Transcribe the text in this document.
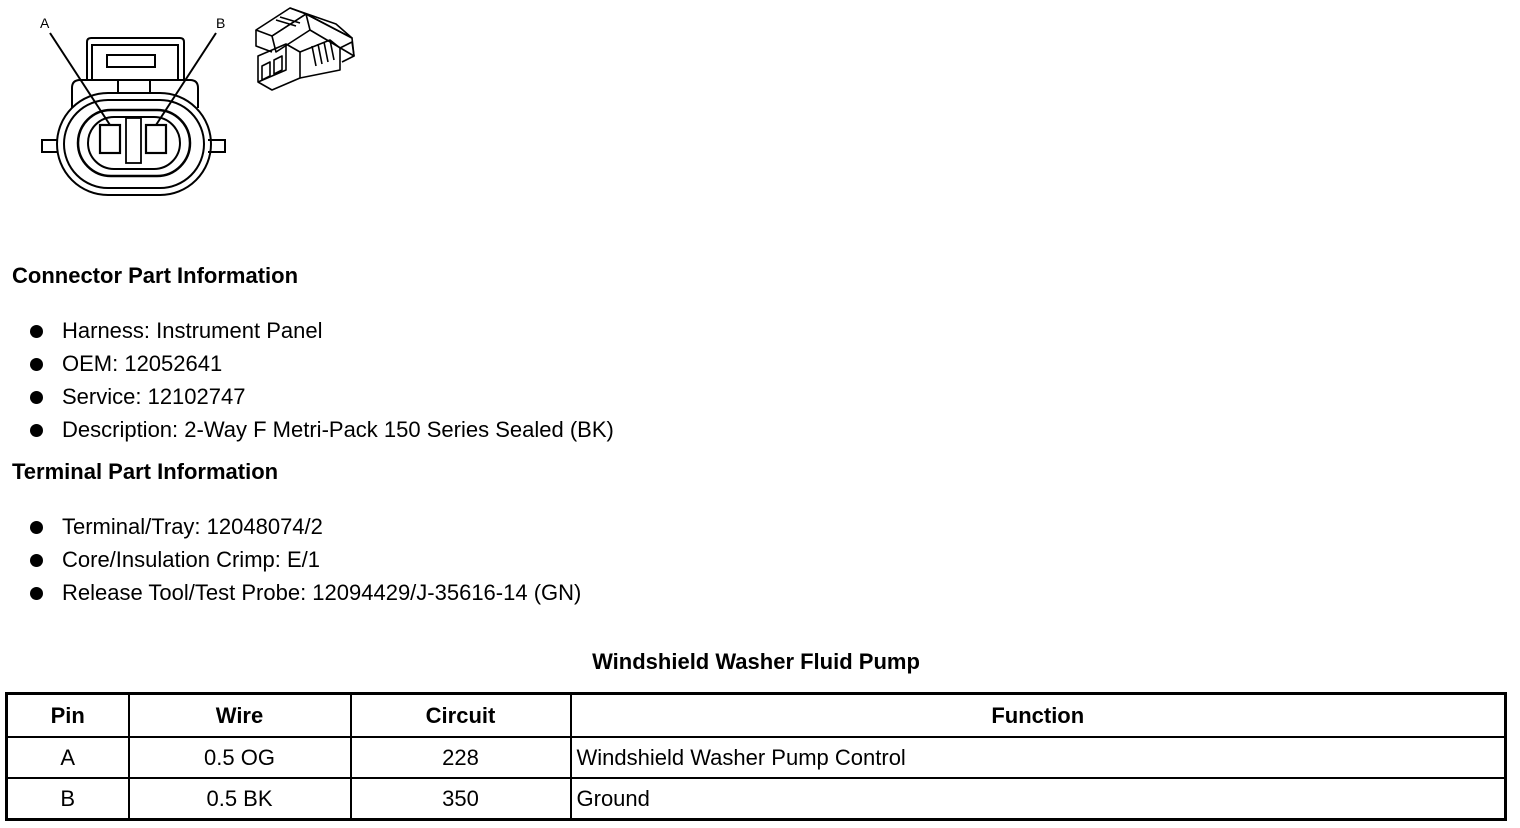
A	B
Connector Part Information
Harness: Instrument Panel
OEM: 12052641
Service: 12102747
Description: 2-Way F Metri-Pack 150 Series Sealed (BK)
Terminal Part Information
Terminal/Tray: 12048074/2
Core/Insulation Crimp: E/1
Release Tool/Test Probe: 12094429/J-35616-14 (GN)
Windshield Washer Fluid Pump
Pin	Wire	Circuit	Function
A	0.5 OG	228	Windshield Washer Pump Control
B	0.5 BK	350	Ground
